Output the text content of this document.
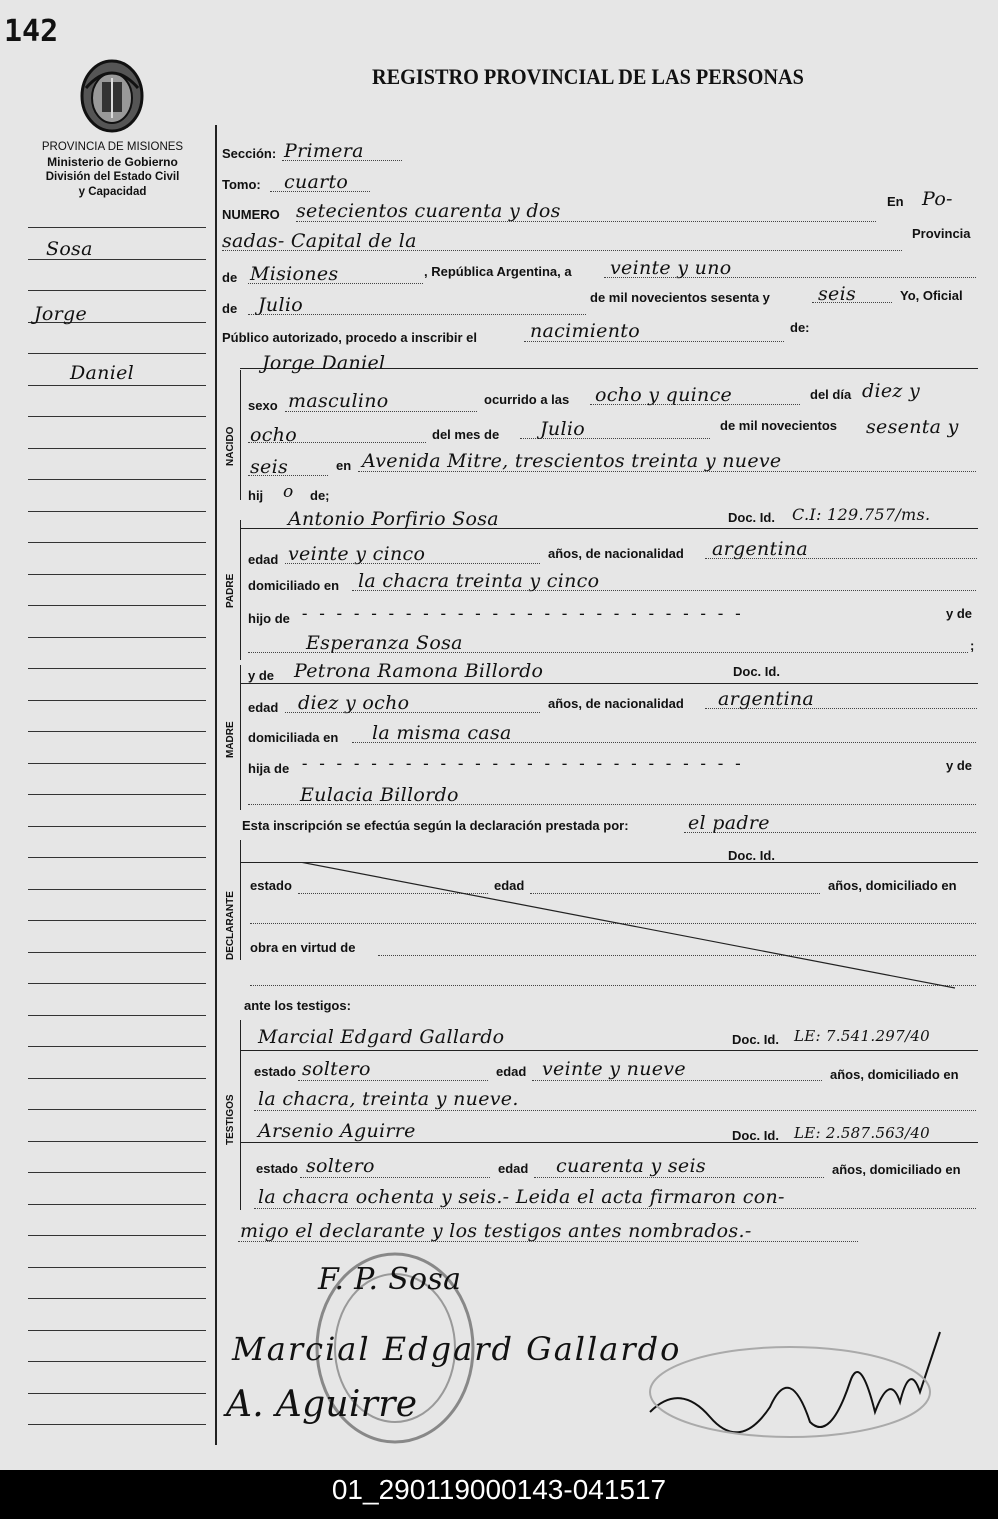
142
PROVINCIA DE MISIONES
Ministerio de Gobierno
División del Estado Civil
y Capacidad
REGISTRO PROVINCIAL DE LAS PERSONAS
Sosa
Jorge
Daniel
Sección: Primera
Tomo: cuarto
NUMERO setecientos cuarenta y dos	En Po-
sadas- Capital de la	Provincia
de Misiones	, República Argentina, a veinte y uno
de Julio	de mil novecientos sesenta y	seis	Yo, Oficial
Público autorizado, procedo a inscribir el	nacimiento	de:
NACIDO
Jorge Daniel
sexo masculino	ocurrido a las ocho y quince	del día diez y
ocho	del mes de Julio	de mil novecientos sesenta y
seis	en Avenida Mitre, trescientos treinta y nueve
hij o de;
PADRE
Antonio Porfirio Sosa	Doc. Id. C.I: 129.757/ms.
edad veinte y cinco	años, de nacionalidad argentina
domiciliado en la chacra treinta y cinco
hijo de - - - - - - - - - - - - - - - - - - - - - - - - - -	y de
Esperanza Sosa	;
MADRE
y de Petrona Ramona Billordo	Doc. Id.
edad diez y ocho	años, de nacionalidad argentina
domiciliada en la misma casa
hija de - - - - - - - - - - - - - - - - - - - - - - - - - -	y de
Eulacia Billordo
Esta inscripción se efectúa según la declaración prestada por:	el padre
DECLARANTE
Doc. Id.
estado	edad	años, domiciliado en
obra en virtud de
ante los testigos:
TESTIGOS
Marcial Edgard Gallardo	Doc. Id. LE: 7.541.297/40
estado soltero	edad veinte y nueve	años, domiciliado en
la chacra, treinta y nueve.
Arsenio Aguirre	Doc. Id. LE: 2.587.563/40
estado soltero	edad cuarenta y seis	años, domiciliado en
la chacra ochenta y seis.- Leida el acta firmaron con-
migo el declarante y los testigos antes nombrados.-
F. P. Sosa
Marcial Edgard Gallardo
A. Aguirre
01_290119000143-041517
